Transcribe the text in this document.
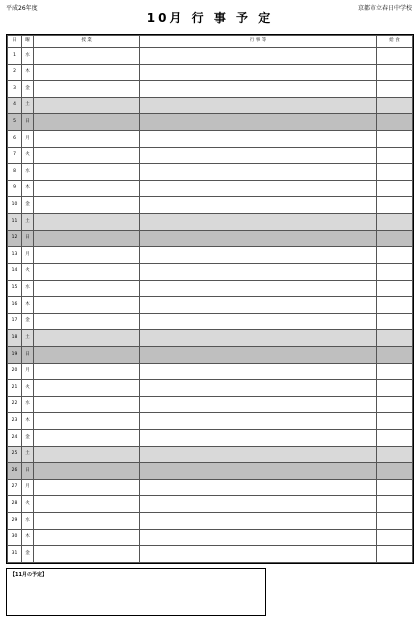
平成26年度	京都市立春日中学校
10月 行 事 予 定
日	曜	授 業	行 事 等	給 食
1	水			
2	木			
3	金			
4	土			
5	日			
6	月			
7	火			
8	水			
9	木			
10	金			
11	土			
12	日			
13	月			
14	火			
15	水			
16	木			
17	金			
18	土			
19	日			
20	月			
21	火			
22	水			
23	木			
24	金			
25	土			
26	日			
27	月			
28	火			
29	水			
30	木			
31	金			
【11月の予定】
